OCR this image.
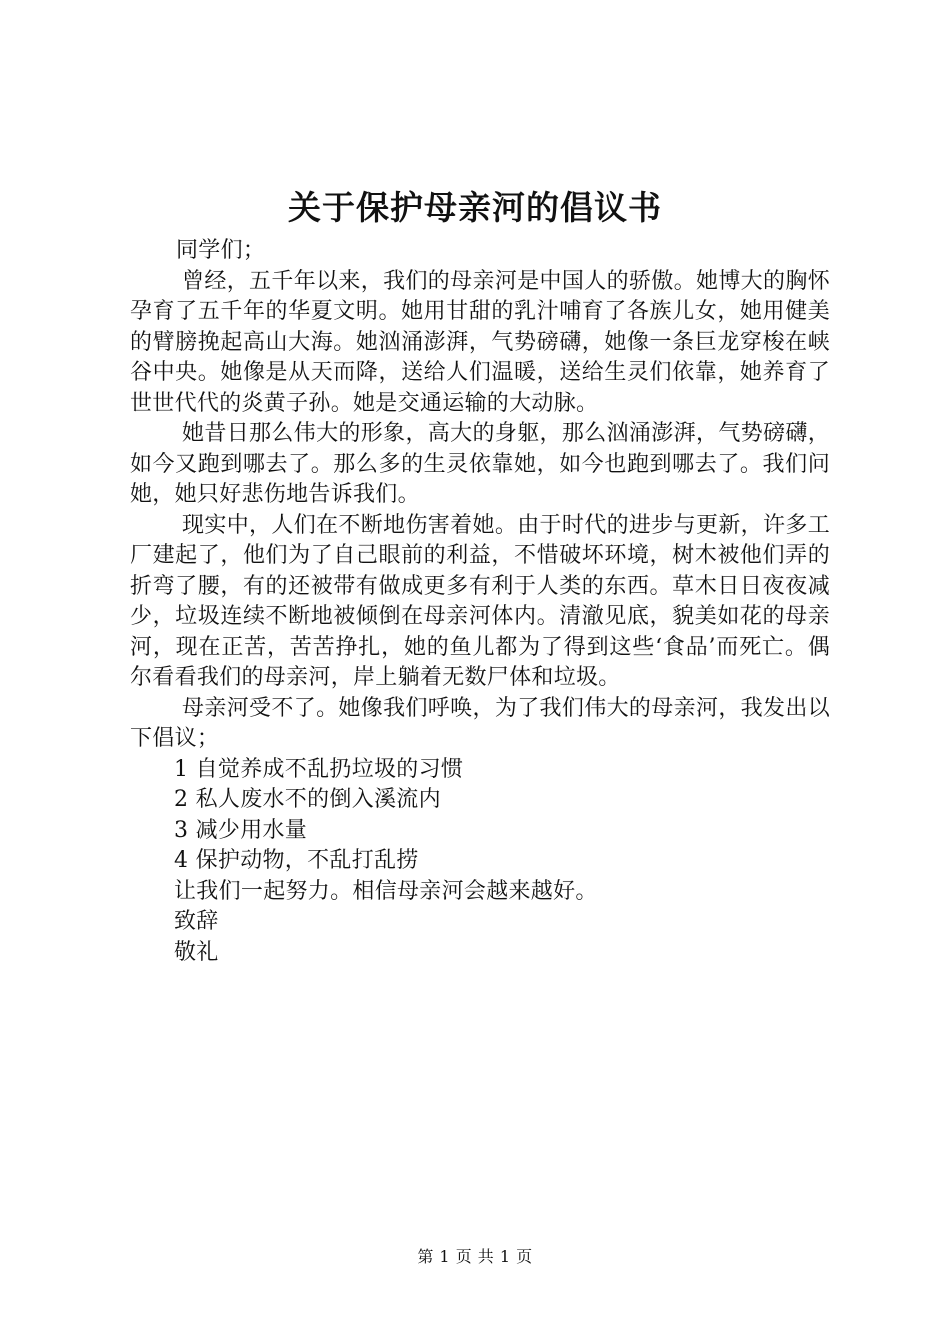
关于保护母亲河的倡议书

同学们；

曾经，五千年以来，我们的母亲河是中国人的骄傲。她博大的胸怀孕育了五千年的华夏文明。她用甘甜的乳汁哺育了各族儿女，她用健美的臂膀挽起高山大海。她汹涌澎湃，气势磅礴，她像一条巨龙穿梭在峡谷中央。她像是从天而降，送给人们温暖，送给生灵们依靠，她养育了世世代代的炎黄子孙。她是交通运输的大动脉。

她昔日那么伟大的形象，高大的身躯，那么汹涌澎湃，气势磅礴，如今又跑到哪去了。那么多的生灵依靠她，如今也跑到哪去了。我们问她，她只好悲伤地告诉我们。

现实中，人们在不断地伤害着她。由于时代的进步与更新，许多工厂建起了，他们为了自己眼前的利益，不惜破坏环境，树木被他们弄的折弯了腰，有的还被带有做成更多有利于人类的东西。草木日日夜夜减少，垃圾连续不断地被倾倒在母亲河体内。清澈见底，貌美如花的母亲河，现在正苦，苦苦挣扎，她的鱼儿都为了得到这些‘食品’而死亡。偶尔看看我们的母亲河，岸上躺着无数尸体和垃圾。

母亲河受不了。她像我们呼唤，为了我们伟大的母亲河，我发出以下倡议；

1 自觉养成不乱扔垃圾的习惯

2 私人废水不的倒入溪流内

3 减少用水量

4 保护动物，不乱打乱捞

让我们一起努力。相信母亲河会越来越好。

致辞

敬礼

第 1 页 共 1 页
